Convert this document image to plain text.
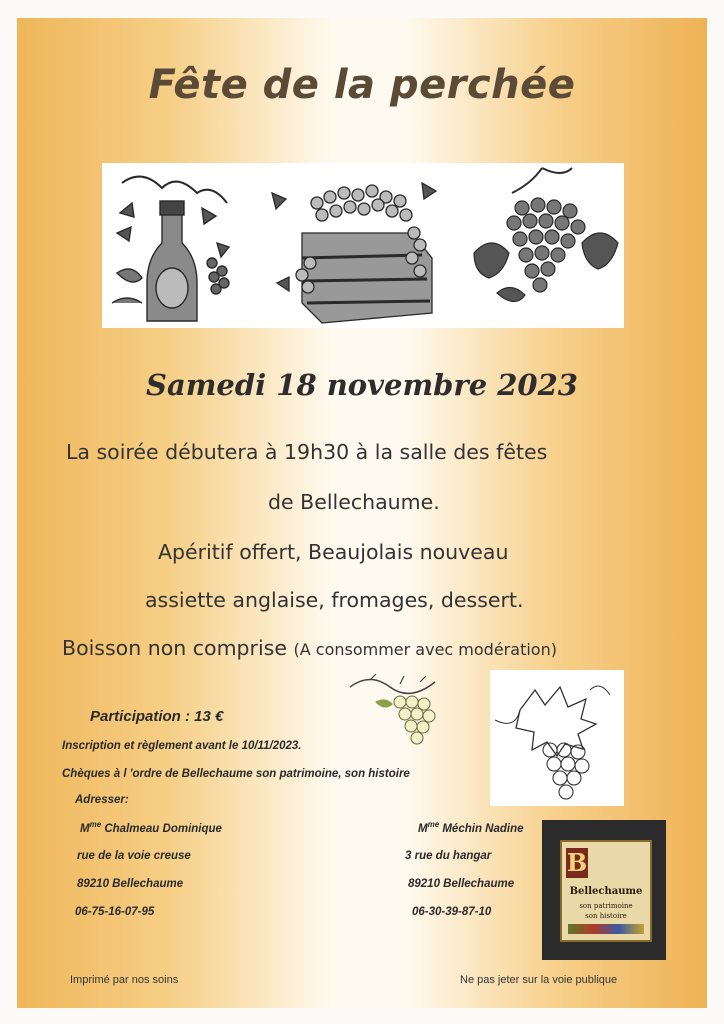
Fête de la perchée
Samedi 18 novembre 2023
La soirée débutera à 19h30 à la salle des fêtes
de Bellechaume.
Apéritif offert, Beaujolais nouveau
assiette anglaise, fromages, dessert.
Boisson non comprise (A consommer avec modération)
Participation : 13 €
Inscription et règlement avant le 10/11/2023.
Chèques à l 'ordre de Bellechaume son patrimoine, son histoire
Adresser:
$M^{me}$ Chalmeau Dominique
rue de la voie creuse
89210 Bellechaume
06-75-16-07-95
$M^{me}$ Méchin Nadine
3 rue du hangar
89210 Bellechaume
06-30-39-87-10
B
Bellechaume
son patrimoine
son histoire
Imprimé par nos soins	Ne pas jeter sur la voie publique
